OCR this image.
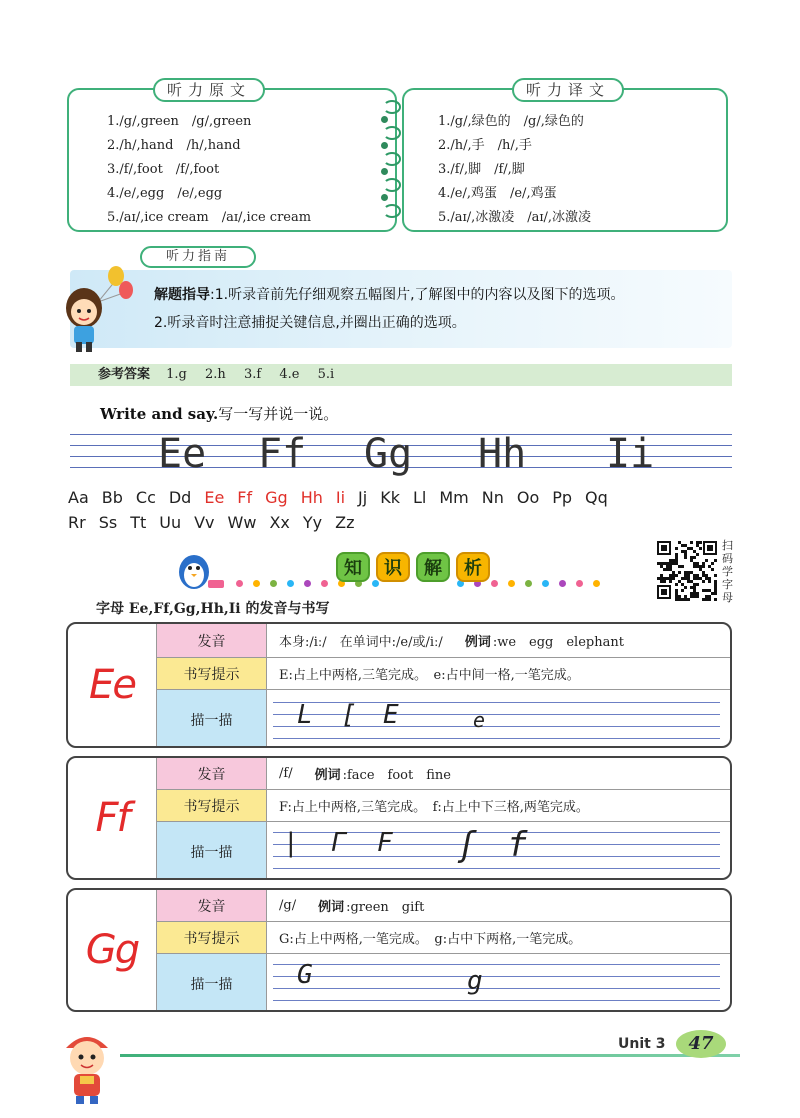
听力原文
1./g/,green　/g/,green
2./h/,hand　/h/,hand
3./f/,foot　/f/,foot
4./e/,egg　/e/,egg
5./aɪ/,ice cream　/aɪ/,ice cream
听力译文
1./g/,绿色的　/g/,绿色的
2./h/,手　/h/,手
3./f/,脚　/f/,脚
4./e/,鸡蛋　/e/,鸡蛋
5./aɪ/,冰激凌　/aɪ/,冰激凌
解题指导:1.听录音前先仔细观察五幅图片,了解图中的内容以及图下的选项。
2.听录音时注意捕捉关键信息,并圈出正确的选项。
听力指南
参考答案 1.g 2.h 3.f 4.e 5.i
Write and say.写一写并说一说。
Ee Ff Gg Hh Ii
Aa Bb Cc Dd Ee Ff Gg Hh Ii Jj Kk Ll Mm Nn Oo Pp Qq
Rr Ss Tt Uu Vv Ww Xx Yy Zz
知	识	解	析
扫
码
学
字
母
字母 Ee,Ff,Gg,Hh,Ii 的发音与书写
Ee
发音	本身:/iː/　在单词中:/e/或/iː/ 例词 :we　egg　elephant
书写提示	E:占上中两格,三笔完成。　e:占中间一格,一笔完成。
描一描	L [ E	e
Ff
发音	/f/ 例词 :face　foot　fine
书写提示	F:占上中两格,三笔完成。　f:占上中下三格,两笔完成。
描一描	| Γ F ʃ f
Gg
发音	/g/ 例词 :green　gift
书写提示	G:占上中两格,一笔完成。　g:占中下两格,一笔完成。
描一描	G	g
Unit 3	47
